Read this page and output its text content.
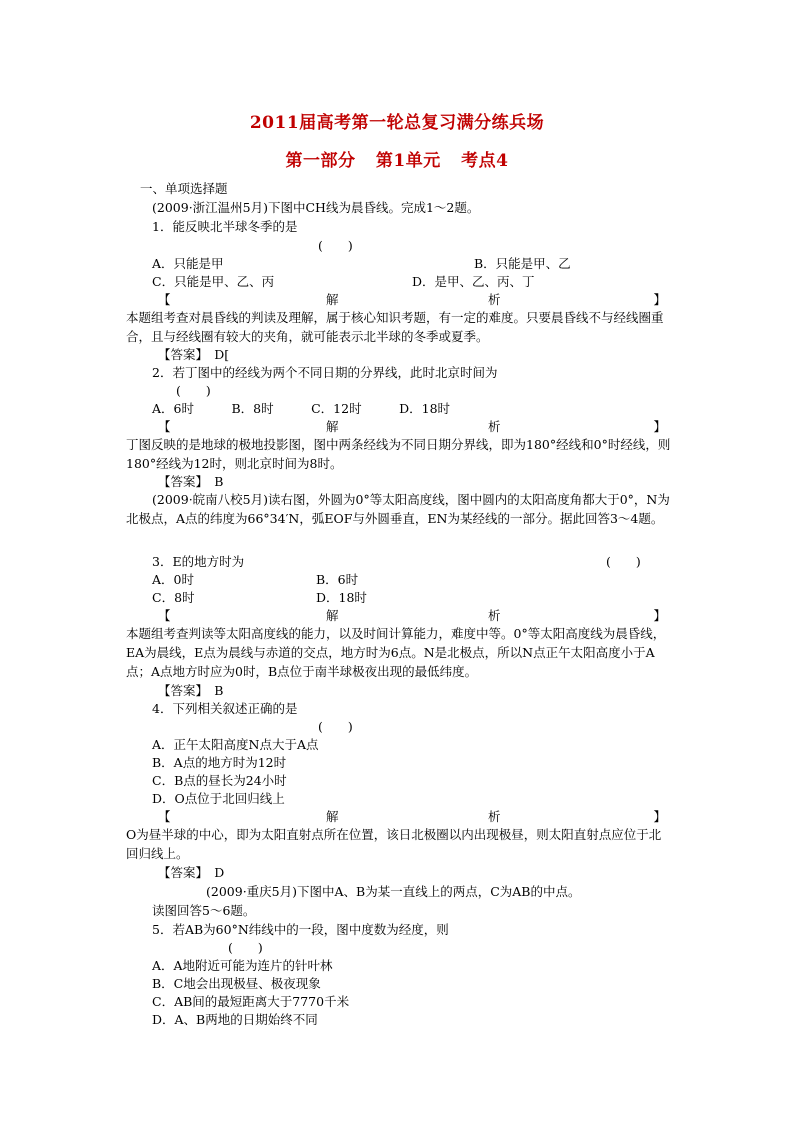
2011届高考第一轮总复习满分练兵场
第一部分 第1单元 考点4
一、单项选择题
(2009·浙江温州5月)下图中CH线为晨昏线。完成1～2题。
1．能反映北半球冬季的是
(　　)
A．只能是甲	B．只能是甲、乙
C．只能是甲、乙、丙	D．是甲、乙、丙、丁
【	解	析	】
本题组考查对晨昏线的判读及理解，属于核心知识考题，有一定的难度。只要晨昏线不与经线圈重合，且与经线圈有较大的夹角，就可能表示北半球的冬季或夏季。
【答案】　 D[
2．若丁图中的经线为两个不同日期的分界线，此时北京时间为
(　　)
A．6时　　　B．8时　　　C．12时　　　D．18时
【	解	析	】
丁图反映的是地球的极地投影图，图中两条经线为不同日期分界线，即为180°经线和0°时经线，则180°经线为12时，则北京时间为8时。
【答案】　 B
(2009·皖南八校5月)读右图，外圆为0°等太阳高度线，图中圆内的太阳高度角都大于0°，N为北极点，A点的纬度为66°34′N，弧EOF与外圆垂直，EN为某经线的一部分。据此回答3～4题。
3．E的地方时为	(　　)
A．0时	B．6时
C．8时	D．18时
【	解	析	】
本题组考查判读等太阳高度线的能力，以及时间计算能力，难度中等。0°等太阳高度线为晨昏线，EA为晨线，E点为晨线与赤道的交点，地方时为6点。N是北极点，所以N点正午太阳高度小于A点；A点地方时应为0时，B点位于南半球极夜出现的最低纬度。
【答案】　 B
4．下列相关叙述正确的是
(　　)
A．正午太阳高度N点大于A点
B．A点的地方时为12时
C．B点的昼长为24小时
D．O点位于北回归线上
【	解	析	】
O为昼半球的中心，即为太阳直射点所在位置，该日北极圈以内出现极昼，则太阳直射点应位于北回归线上。
【答案】　 D
(2009·重庆5月)下图中A、B为某一直线上的两点，C为AB的中点。
读图回答5～6题。
5．若AB为60°N纬线中的一段，图中度数为经度，则
(　　)
A．A地附近可能为连片的针叶林
B．C地会出现极昼、极夜现象
C．AB间的最短距离大于7770千米
D．A、B两地的日期始终不同
